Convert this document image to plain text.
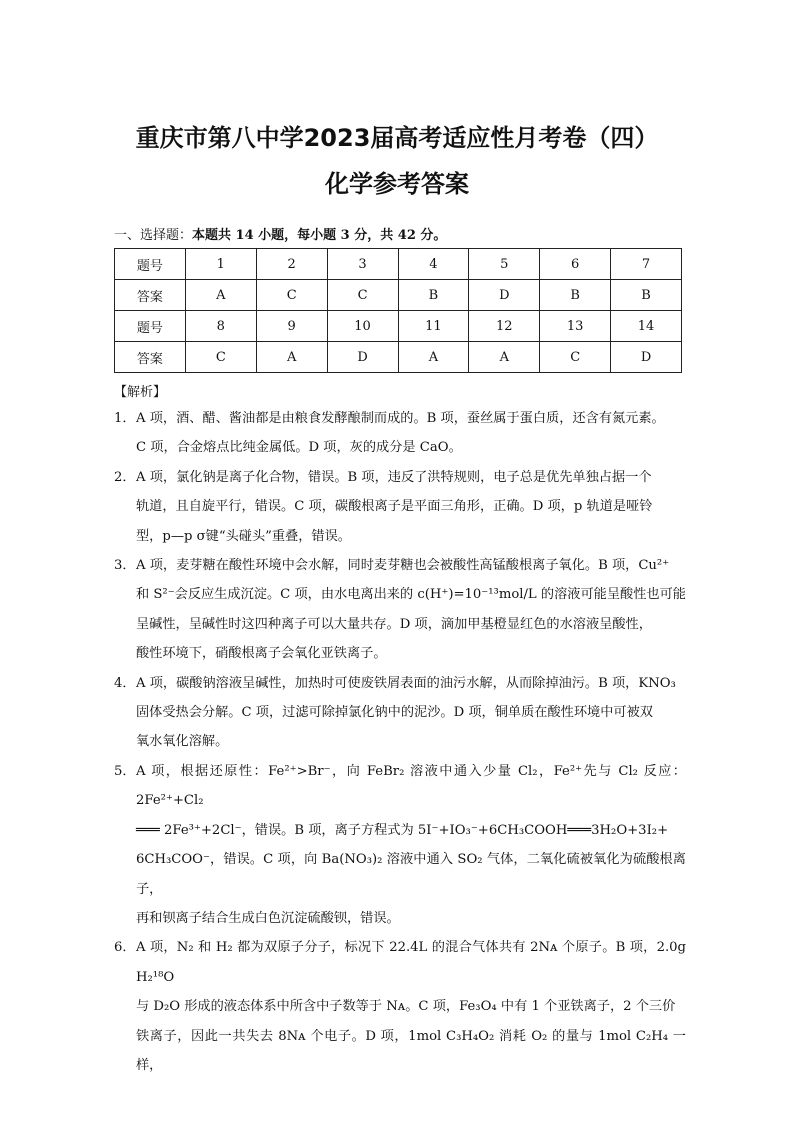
重庆市第八中学2023届高考适应性月考卷（四）
化学参考答案
一、选择题：本题共 14 小题，每小题 3 分，共 42 分。
题号	1	2	3	4	5	6	7
答案	A	C	C	B	D	B	B
题号	8	9	10	11	12	13	14
答案	C	A	D	A	A	C	D
【解析】
1． A 项，酒、醋、酱油都是由粮食发酵酿制而成的。B 项，蚕丝属于蛋白质，还含有氮元素。
C 项，合金熔点比纯金属低。D 项，灰的成分是 CaO。
2． A 项，氯化钠是离子化合物，错误。B 项，违反了洪特规则，电子总是优先单独占据一个
轨道，且自旋平行，错误。C 项，碳酸根离子是平面三角形，正确。D 项，p 轨道是哑铃
型，p—p σ键“头碰头”重叠，错误。
3． A 项，麦芽糖在酸性环境中会水解，同时麦芽糖也会被酸性高锰酸根离子氧化。B 项，Cu²⁺
和 S²⁻会反应生成沉淀。C 项，由水电离出来的 c(H⁺)=10⁻¹³mol/L 的溶液可能呈酸性也可能
呈碱性，呈碱性时这四种离子可以大量共存。D 项，滴加甲基橙显红色的水溶液呈酸性，
酸性环境下，硝酸根离子会氧化亚铁离子。
4． A 项，碳酸钠溶液呈碱性，加热时可使废铁屑表面的油污水解，从而除掉油污。B 项，KNO₃
固体受热会分解。C 项，过滤可除掉氯化钠中的泥沙。D 项，铜单质在酸性环境中可被双
氧水氧化溶解。
5． A 项，根据还原性：Fe²⁺>Br⁻，向 FeBr₂ 溶液中通入少量 Cl₂，Fe²⁺先与 Cl₂ 反应：2Fe²⁺+Cl₂
═══ 2Fe³⁺+2Cl⁻，错误。B 项，离子方程式为 5I⁻+IO₃⁻+6CH₃COOH═══3H₂O+3I₂+
6CH₃COO⁻，错误。C 项，向 Ba(NO₃)₂ 溶液中通入 SO₂ 气体，二氧化硫被氧化为硫酸根离子，
再和钡离子结合生成白色沉淀硫酸钡，错误。
6． A 项，N₂ 和 H₂ 都为双原子分子，标况下 22.4L 的混合气体共有 2Nᴀ 个原子。B 项，2.0g H₂¹⁸O
与 D₂O 形成的液态体系中所含中子数等于 Nᴀ。C 项，Fe₃O₄ 中有 1 个亚铁离子，2 个三价
铁离子，因此一共失去 8Nᴀ 个电子。D 项，1mol C₃H₄O₂ 消耗 O₂ 的量与 1mol C₂H₄ 一样，
